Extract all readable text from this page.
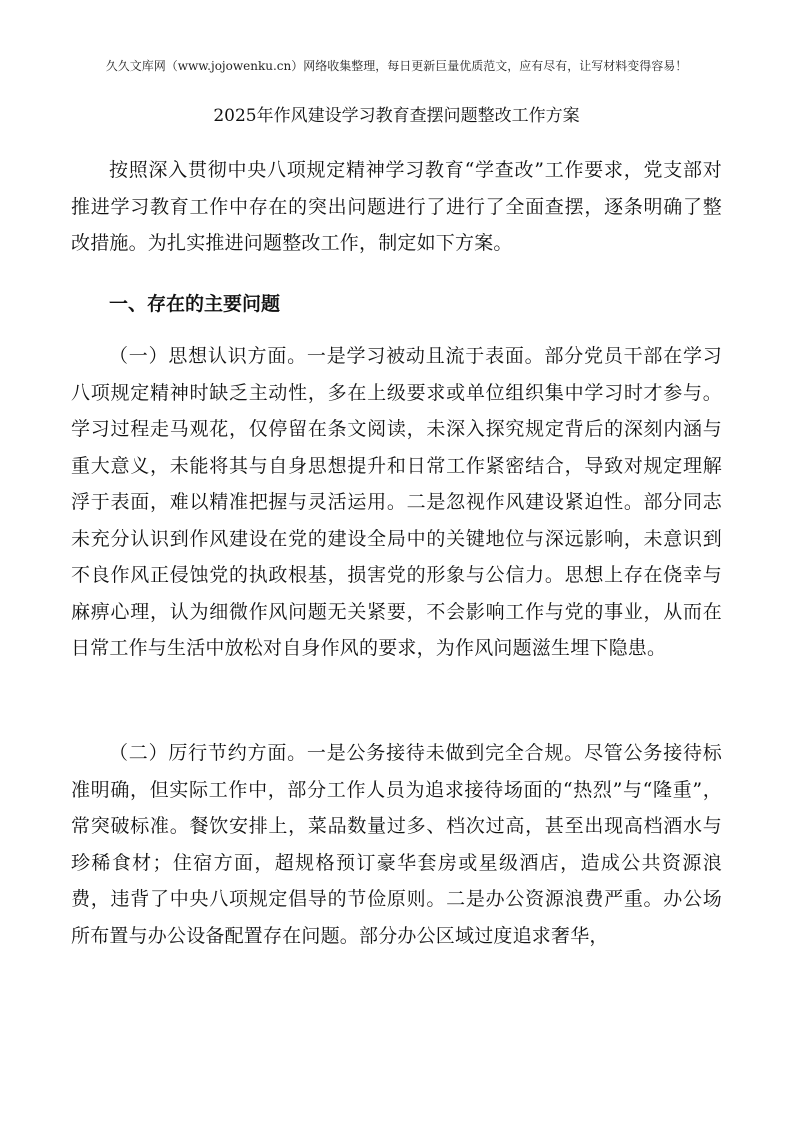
久久文库网（www.jojowenku.cn）网络收集整理，每日更新巨量优质范文，应有尽有，让写材料变得容易！
2025年作风建设学习教育查摆问题整改工作方案

按照深入贯彻中央八项规定精神学习教育“学查改”工作要求，党支部对推进学习教育工作中存在的突出问题进行了进行了全面查摆，逐条明确了整改措施。为扎实推进问题整改工作，制定如下方案。

一、存在的主要问题

（一）思想认识方面。一是学习被动且流于表面。部分党员干部在学习八项规定精神时缺乏主动性，多在上级要求或单位组织集中学习时才参与。学习过程走马观花，仅停留在条文阅读，未深入探究规定背后的深刻内涵与重大意义，未能将其与自身思想提升和日常工作紧密结合，导致对规定理解浮于表面，难以精准把握与灵活运用。二是忽视作风建设紧迫性。部分同志未充分认识到作风建设在党的建设全局中的关键地位与深远影响，未意识到不良作风正侵蚀党的执政根基，损害党的形象与公信力。思想上存在侥幸与麻痹心理，认为细微作风问题无关紧要，不会影响工作与党的事业，从而在日常工作与生活中放松对自身作风的要求，为作风问题滋生埋下隐患。

（二）厉行节约方面。一是公务接待未做到完全合规。尽管公务接待标准明确，但实际工作中，部分工作人员为追求接待场面的“热烈”与“隆重”，常突破标准。餐饮安排上，菜品数量过多、档次过高，甚至出现高档酒水与珍稀食材；住宿方面，超规格预订豪华套房或星级酒店，造成公共资源浪费，违背了中央八项规定倡导的节俭原则。二是办公资源浪费严重。办公场所布置与办公设备配置存在问题。部分办公区域过度追求奢华，
